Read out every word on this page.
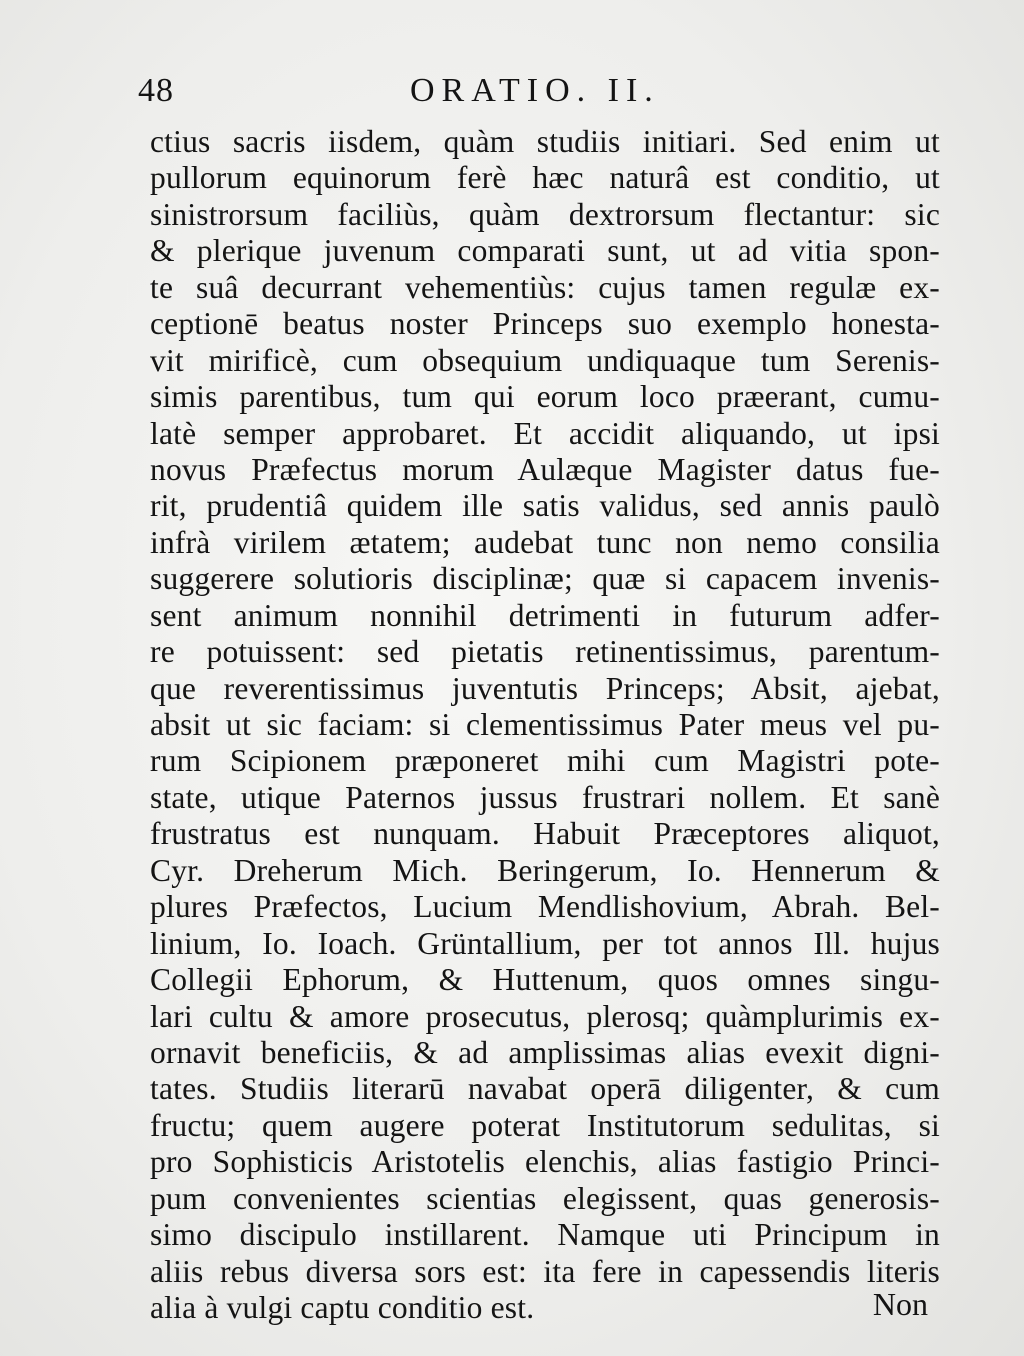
48	ORATIO. II.
ctius sacris iisdem, quàm studiis initiari. Sed enim ut
pullorum equinorum ferè hæc naturâ est conditio, ut
sinistrorsum faciliùs, quàm dextrorsum flectantur: sic
& plerique juvenum comparati sunt, ut ad vitia spon-
te suâ decurrant vehementiùs: cujus tamen regulæ ex-
ceptionē beatus noster Princeps suo exemplo honesta-
vit mirificè, cum obsequium undiquaque tum Serenis-
simis parentibus, tum qui eorum loco præerant, cumu-
latè semper approbaret. Et accidit aliquando, ut ipsi
novus Præfectus morum Aulæque Magister datus fue-
rit, prudentiâ quidem ille satis validus, sed annis paulò
infrà virilem ætatem; audebat tunc non nemo consilia
suggerere solutioris disciplinæ; quæ si capacem invenis-
sent animum nonnihil detrimenti in futurum adfer-
re potuissent: sed pietatis retinentissimus, parentum-
que reverentissimus juventutis Princeps; Absit, ajebat,
absit ut sic faciam: si clementissimus Pater meus vel pu-
rum Scipionem præponeret mihi cum Magistri pote-
state, utique Paternos jussus frustrari nollem. Et sanè
frustratus est nunquam. Habuit Præceptores aliquot,
Cyr. Dreherum Mich. Beringerum, Io. Hennerum &
plures Præfectos, Lucium Mendlishovium, Abrah. Bel-
linium, Io. Ioach. Grüntallium, per tot annos Ill. hujus
Collegii Ephorum, & Huttenum, quos omnes singu-
lari cultu & amore prosecutus, plerosq; quàmplurimis ex-
ornavit beneficiis, & ad amplissimas alias evexit digni-
tates. Studiis literarū navabat operā diligenter, & cum
fructu; quem augere poterat Institutorum sedulitas, si
pro Sophisticis Aristotelis elenchis, alias fastigio Princi-
pum convenientes scientias elegissent, quas generosis-
simo discipulo instillarent. Namque uti Principum in
aliis rebus diversa sors est: ita fere in capessendis literis
alia à vulgi captu conditio est.	Non
